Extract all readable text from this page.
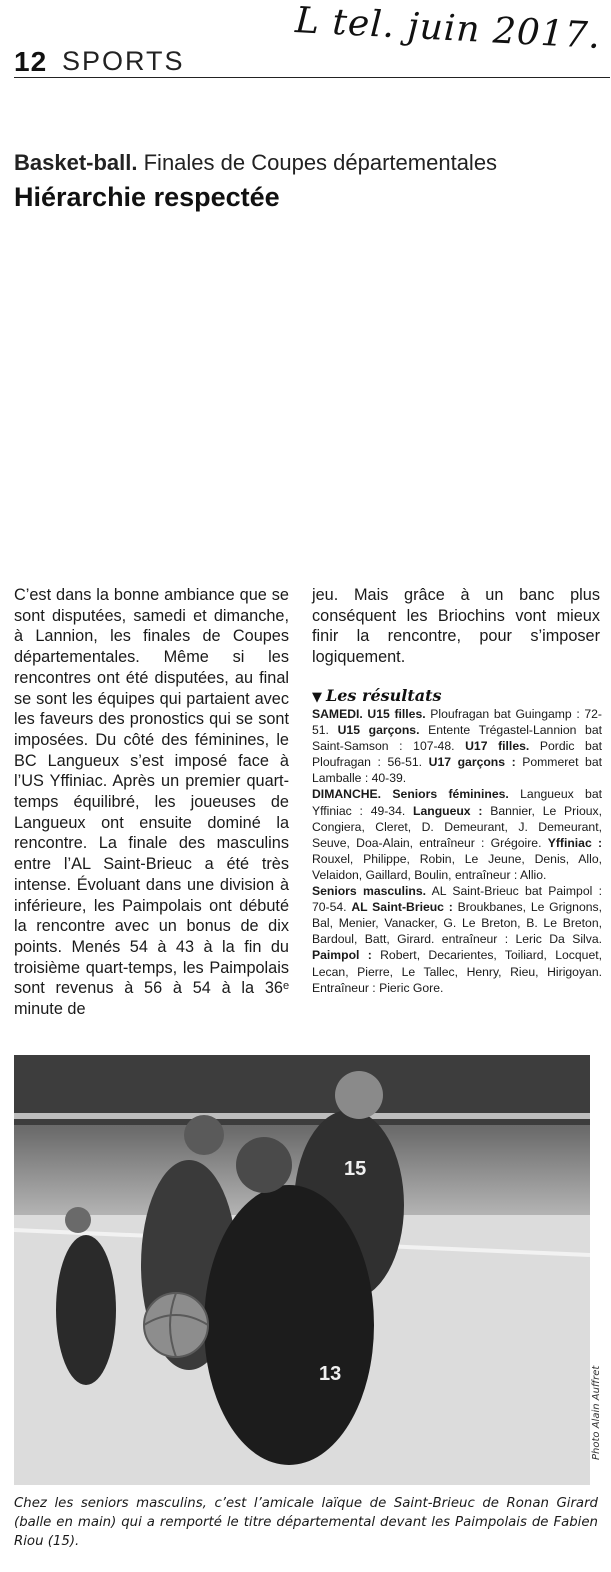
12 SPORTS
L tel. juin 2017.
Basket-ball. Finales de Coupes départementales
Hiérarchie respectée
C’est dans la bonne ambiance que se sont disputées, samedi et dimanche, à Lannion, les finales de Coupes départementales. Même si les rencontres ont été disputées, au final se sont les équipes qui partaient avec les faveurs des pronostics qui se sont imposées. Du côté des féminines, le BC Langueux s’est imposé face à l’US Yffiniac. Après un premier quart-temps équilibré, les joueuses de Langueux ont ensuite dominé la rencontre. La finale des masculins entre l’AL Saint-Brieuc a été très intense. Évoluant dans une division à inférieure, les Paimpolais ont débuté la rencontre avec un bonus de dix points. Menés 54 à 43 à la fin du troisième quart-temps, les Paimpolais sont revenus à 56 à 54 à la 36ᵉ minute de
jeu. Mais grâce à un banc plus conséquent les Briochins vont mieux finir la rencontre, pour s’imposer logiquement.
▼ Les résultats

SAMEDI. U15 filles. Ploufragan bat Guingamp : 72-51. U15 garçons. Entente Trégastel-Lannion bat Saint-Samson : 107-48. U17 filles. Pordic bat Ploufragan : 56-51. U17 garçons : Pommeret bat Lamballe : 40-39.

DIMANCHE. Seniors féminines. Langueux bat Yffiniac : 49-34. Langueux : Bannier, Le Prioux, Congiera, Cleret, D. Demeurant, J. Demeurant, Seuve, Doa-Alain, entraîneur : Grégoire. Yffiniac : Rouxel, Philippe, Robin, Le Jeune, Denis, Allo, Velaidon, Gaillard, Boulin, entraîneur : Allio.

Seniors masculins. AL Saint-Brieuc bat Paimpol : 70-54. AL Saint-Brieuc : Broukbanes, Le Grignons, Bal, Menier, Vanacker, G. Le Breton, B. Le Breton, Bardoul, Batt, Girard. entraîneur : Leric Da Silva. Paimpol : Robert, Decarientes, Toiliard, Locquet, Lecan, Pierre, Le Tallec, Henry, Rieu, Hirigoyan. Entraîneur : Pieric Gore.

15
13	Photo Alain Auffret
Chez les seniors masculins, c’est l’amicale laïque de Saint-Brieuc de Ronan Girard (balle en main) qui a remporté le titre départemental devant les Paimpolais de Fabien Riou (15).
